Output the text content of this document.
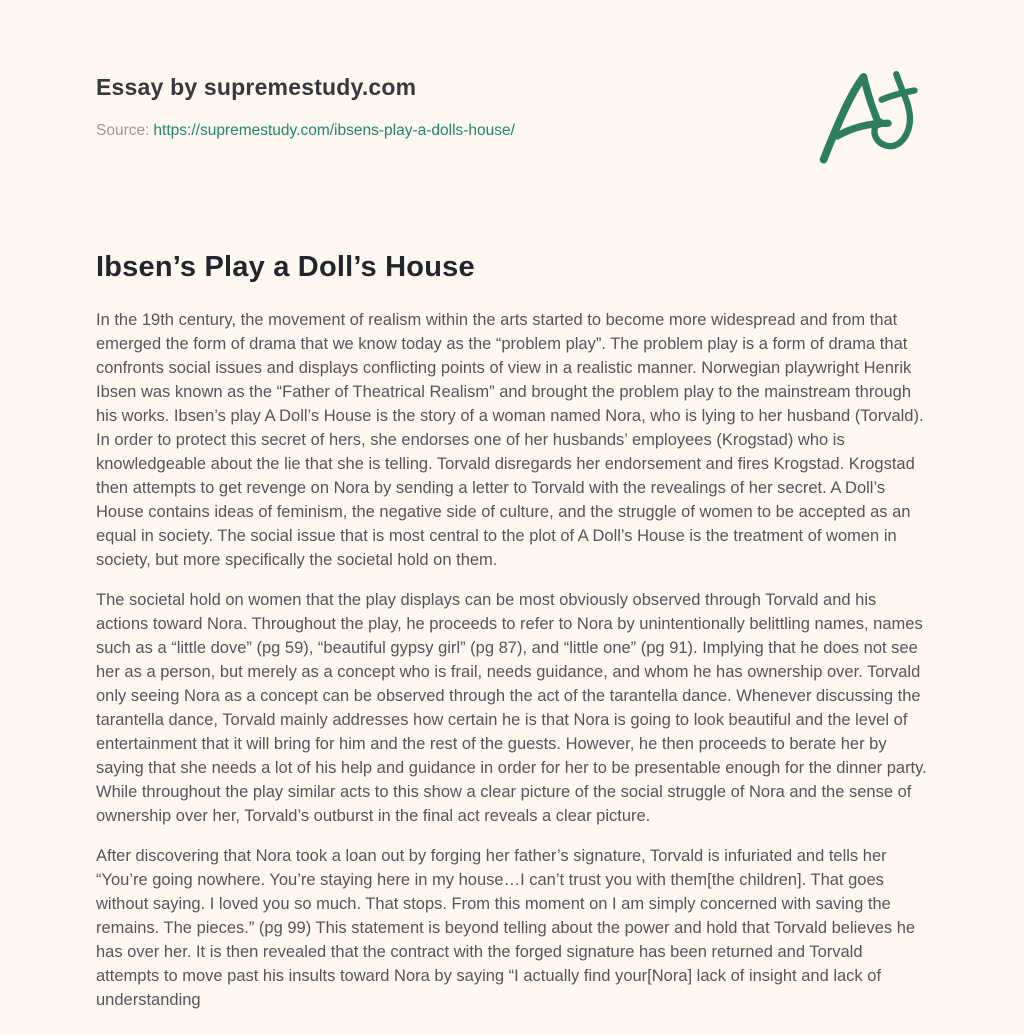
Essay by supremestudy.com
Source: https://supremestudy.com/ibsens-play-a-dolls-house/
Ibsen’s Play a Doll’s House

In the 19th century, the movement of realism within the arts started to become more widespread and from that emerged the form of drama that we know today as the “problem play”. The problem play is a form of drama that confronts social issues and displays conflicting points of view in a realistic manner. Norwegian playwright Henrik Ibsen was known as the “Father of Theatrical Realism” and brought the problem play to the mainstream through his works. Ibsen’s play A Doll’s House is the story of a woman named Nora, who is lying to her husband (Torvald). In order to protect this secret of hers, she endorses one of her husbands’ employees (Krogstad) who is knowledgeable about the lie that she is telling. Torvald disregards her endorsement and fires Krogstad. Krogstad then attempts to get revenge on Nora by sending a letter to Torvald with the revealings of her secret. A Doll’s House contains ideas of feminism, the negative side of culture, and the struggle of women to be accepted as an equal in society. The social issue that is most central to the plot of A Doll’s House is the treatment of women in society, but more specifically the societal hold on them.

The societal hold on women that the play displays can be most obviously observed through Torvald and his actions toward Nora. Throughout the play, he proceeds to refer to Nora by unintentionally belittling names, names such as a “little dove” (pg 59), “beautiful gypsy girl” (pg 87), and “little one” (pg 91). Implying that he does not see her as a person, but merely as a concept who is frail, needs guidance, and whom he has ownership over. Torvald only seeing Nora as a concept can be observed through the act of the tarantella dance. Whenever discussing the tarantella dance, Torvald mainly addresses how certain he is that Nora is going to look beautiful and the level of entertainment that it will bring for him and the rest of the guests. However, he then proceeds to berate her by saying that she needs a lot of his help and guidance in order for her to be presentable enough for the dinner party. While throughout the play similar acts to this show a clear picture of the social struggle of Nora and the sense of ownership over her, Torvald’s outburst in the final act reveals a clear picture.

After discovering that Nora took a loan out by forging her father’s signature, Torvald is infuriated and tells her “You’re going nowhere. You’re staying here in my house…I can’t trust you with them[the children]. That goes without saying. I loved you so much. That stops. From this moment on I am simply concerned with saving the remains. The pieces.” (pg 99) This statement is beyond telling about the power and hold that Torvald believes he has over her. It is then revealed that the contract with the forged signature has been returned and Torvald attempts to move past his insults toward Nora by saying “I actually find your[Nora] lack of insight and lack of understanding
